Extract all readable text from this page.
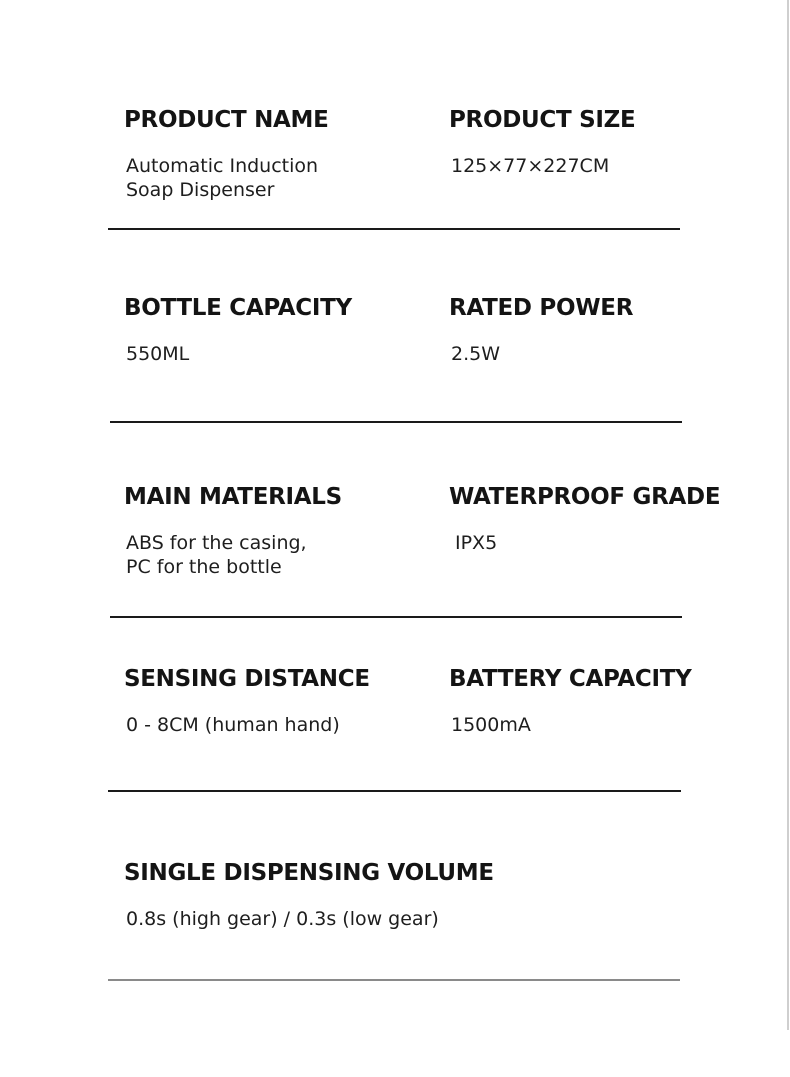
PRODUCT NAME
Automatic Induction
Soap Dispenser
PRODUCT SIZE
125×77×227CM
BOTTLE CAPACITY
550ML
RATED POWER
2.5W
MAIN MATERIALS
ABS for the casing,
PC for the bottle
WATERPROOF GRADE
IPX5
SENSING DISTANCE
0 - 8CM (human hand)
BATTERY CAPACITY
1500mA
SINGLE DISPENSING VOLUME
0.8s (high gear) / 0.3s (low gear)
